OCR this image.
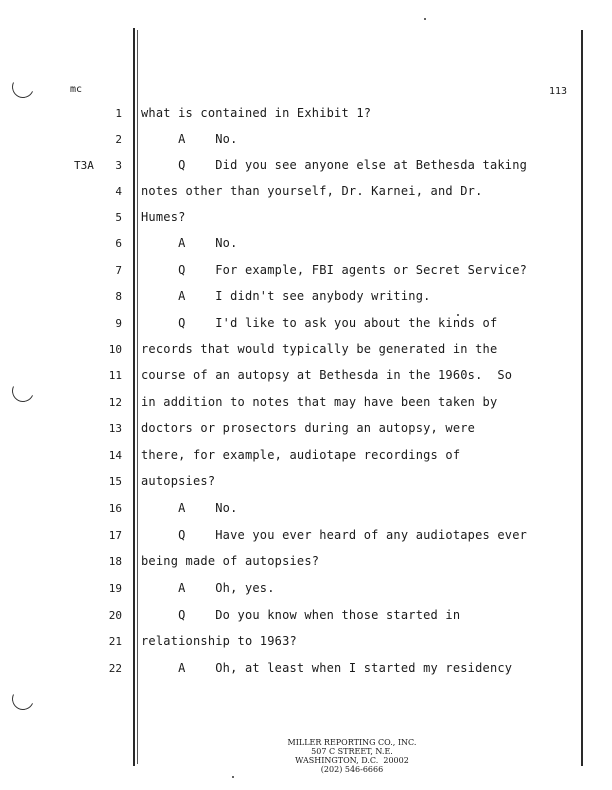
mc	113
T3A
1 what is contained in Exhibit 1?
2 A    No.
3 Q    Did you see anyone else at Bethesda taking
4 notes other than yourself, Dr. Karnei, and Dr.
5 Humes?
6 A    No.
7 Q    For example, FBI agents or Secret Service?
8 A    I didn't see anybody writing.
9 Q    I'd like to ask you about the kinds of
10 records that would typically be generated in the
11 course of an autopsy at Bethesda in the 1960s.  So
12 in addition to notes that may have been taken by
13 doctors or prosectors during an autopsy, were
14 there, for example, audiotape recordings of
15 autopsies?
16 A    No.
17 Q    Have you ever heard of any audiotapes ever
18 being made of autopsies?
19 A    Oh, yes.
20 Q    Do you know when those started in
21 relationship to 1963?
22 A    Oh, at least when I started my residency
MILLER REPORTING CO., INC.
507 C STREET, N.E.
WASHINGTON, D.C.  20002
(202) 546-6666
